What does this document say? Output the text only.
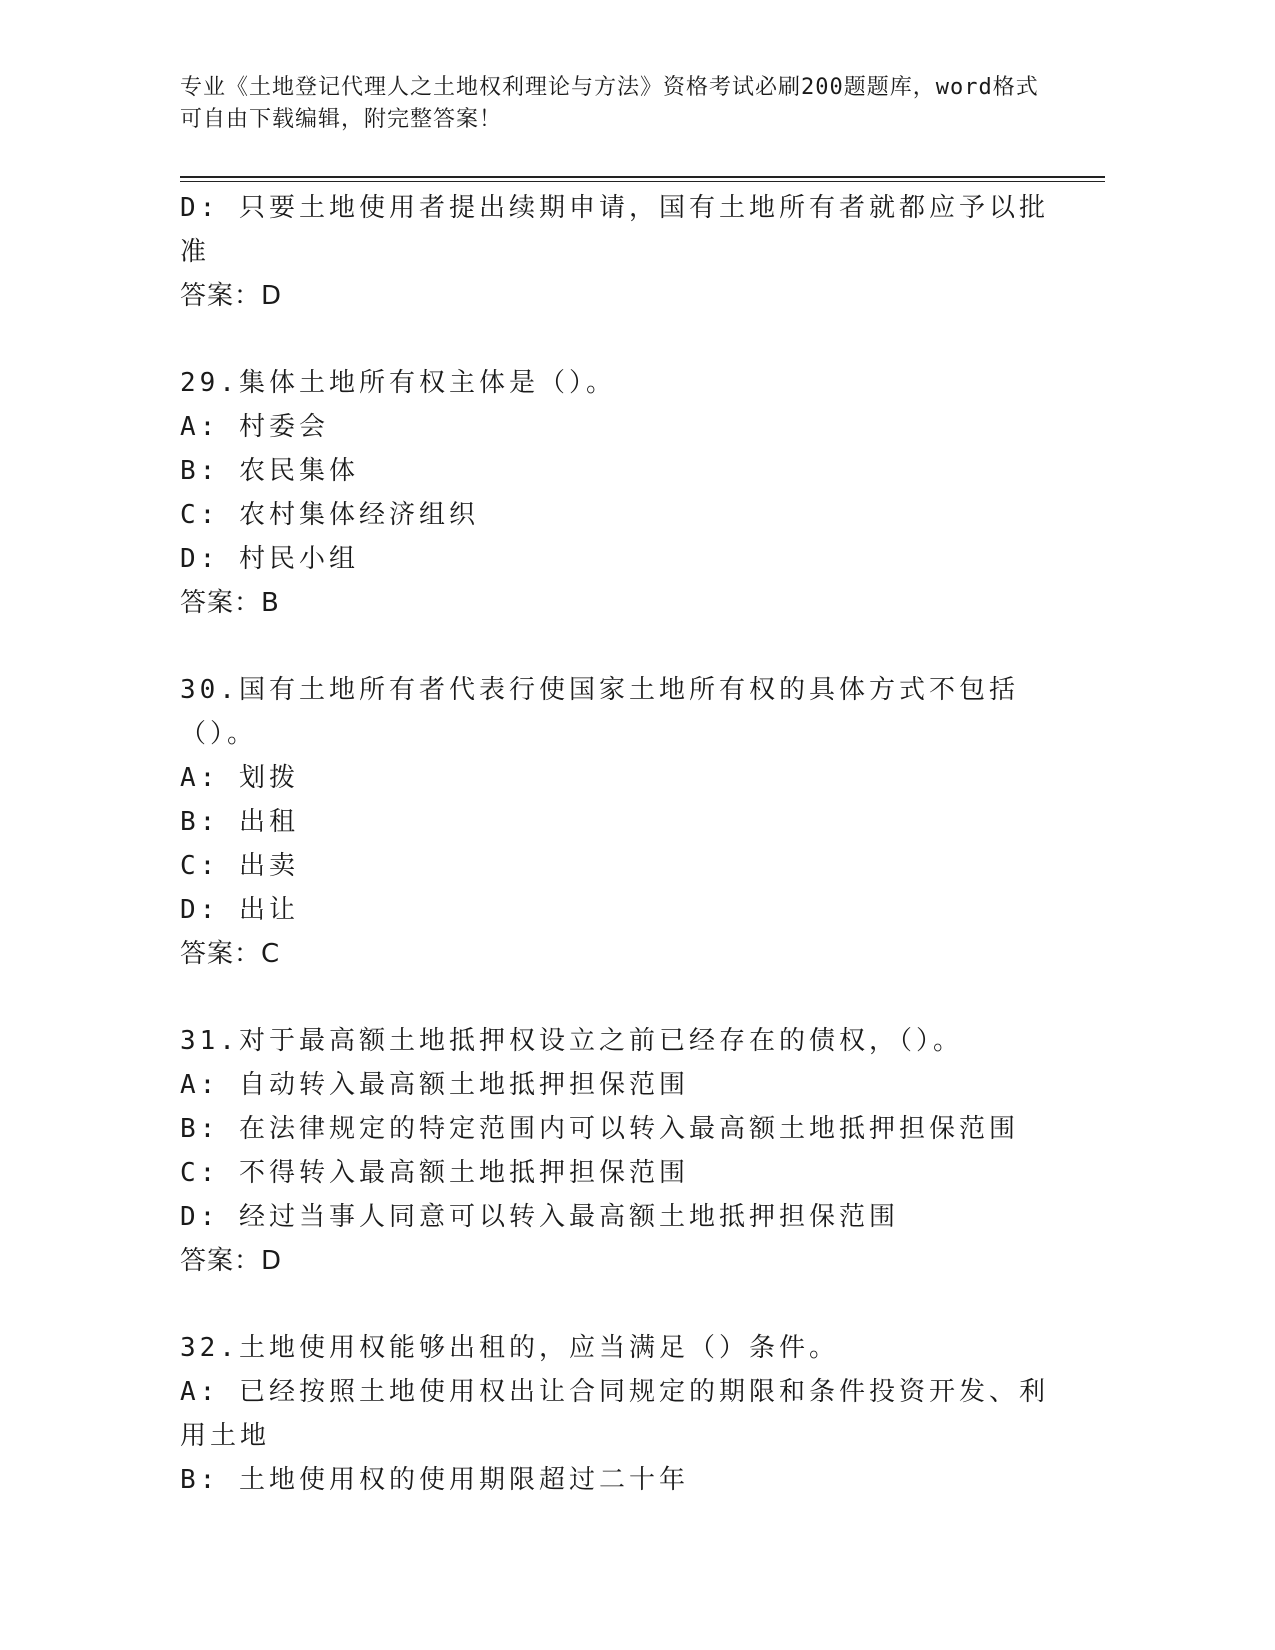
专业《土地登记代理人之土地权利理论与方法》资格考试必刷200题题库，word格式可自由下载编辑，附完整答案！
D: 只要土地使用者提出续期申请，国有土地所有者就都应予以批准
答案：D
29.集体土地所有权主体是（）。
A: 村委会
B: 农民集体
C: 农村集体经济组织
D: 村民小组
答案：B
30.国有土地所有者代表行使国家土地所有权的具体方式不包括（）。
A: 划拨
B: 出租
C: 出卖
D: 出让
答案：C
31.对于最高额土地抵押权设立之前已经存在的债权，（）。
A: 自动转入最高额土地抵押担保范围
B: 在法律规定的特定范围内可以转入最高额土地抵押担保范围
C: 不得转入最高额土地抵押担保范围
D: 经过当事人同意可以转入最高额土地抵押担保范围
答案：D
32.土地使用权能够出租的，应当满足（）条件。
A: 已经按照土地使用权出让合同规定的期限和条件投资开发、利用土地
B: 土地使用权的使用期限超过二十年
